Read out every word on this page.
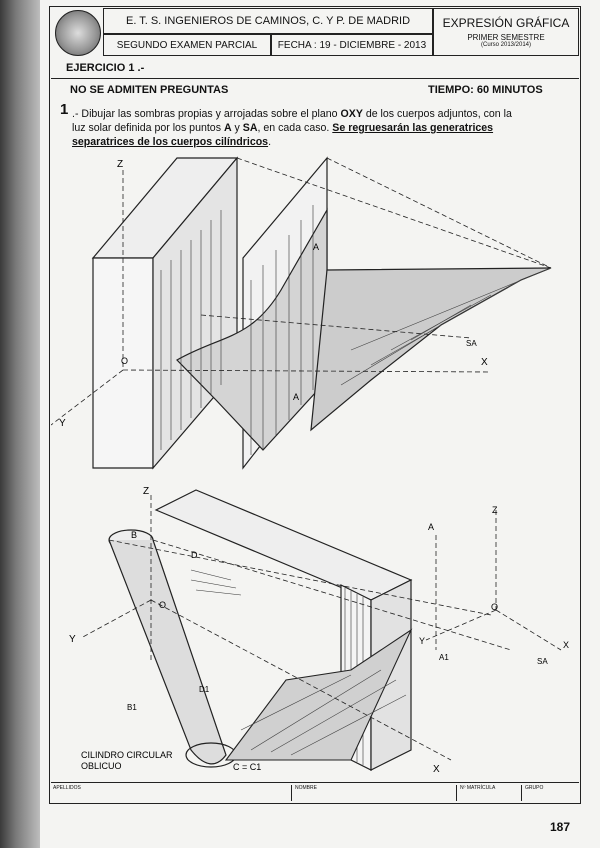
E. T. S. INGENIEROS DE CAMINOS, C. Y P. DE MADRID
SEGUNDO EXAMEN PARCIAL	FECHA : 19 - DICIEMBRE - 2013
EXPRESIÓN GRÁFICA
PRIMER SEMESTRE
(Curso 2013/2014)
EJERCICIO 1 .-
NO SE ADMITEN PREGUNTAS	TIEMPO: 60 MINUTOS
1 .- Dibujar las sombras propias y arrojadas sobre el plano OXY de los cuerpos adjuntos, con la
luz solar definida por los puntos A y SA, en cada caso. Se regruesarán las generatrices
separatrices de los cuerpos cilíndricos.
Z
Y
X
O
A
A
SA
Z
Y
X
O
B
D
D1
B1
C = C1
CILINDRO CIRCULAR
OBLICUO
Z
A
O
Y	X
A1	SA
APELLIDOS	NOMBRE	Nº MATRÍCULA	GRUPO
187
